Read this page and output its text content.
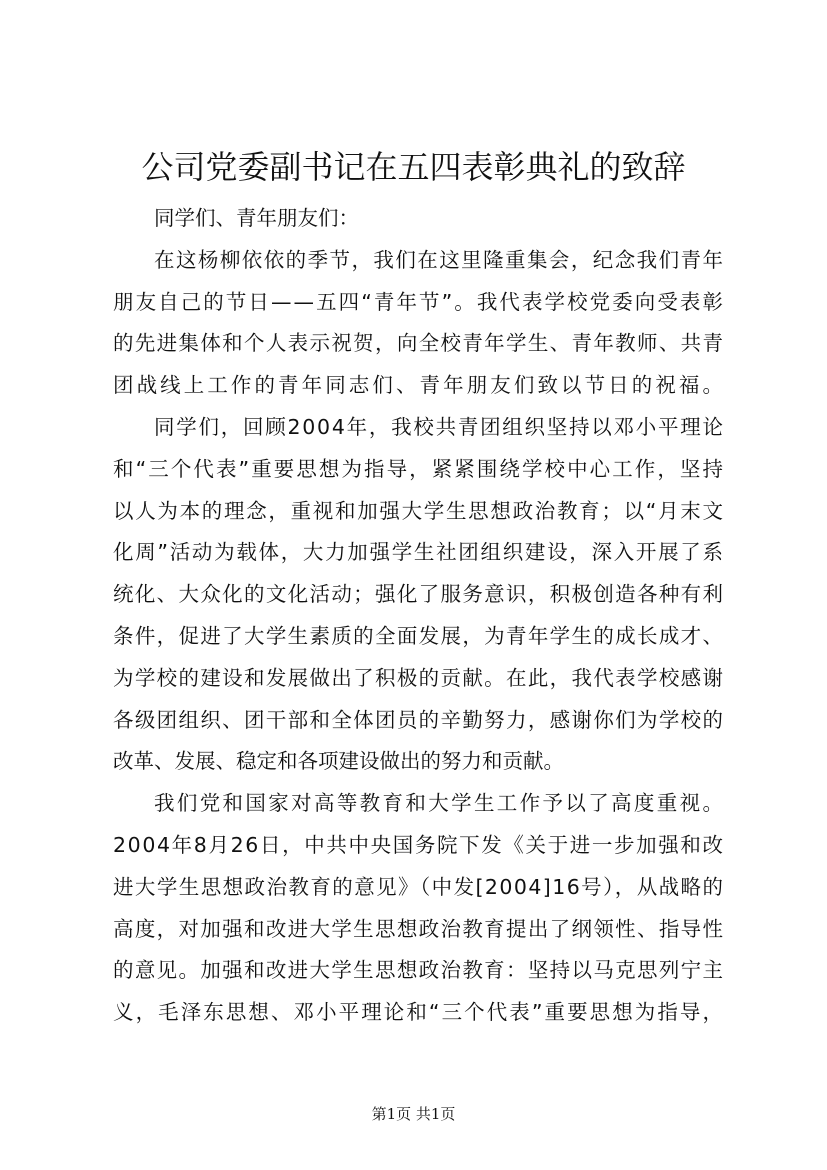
公司党委副书记在五四表彰典礼的致辞
同学们、青年朋友们：
在这杨柳依依的季节，我们在这里隆重集会，纪念我们青年
朋友自己的节日——五四“青年节”。我代表学校党委向受表彰
的先进集体和个人表示祝贺，向全校青年学生、青年教师、共青
团战线上工作的青年同志们、青年朋友们致以节日的祝福。
同学们，回顾2004年，我校共青团组织坚持以邓小平理论
和“三个代表”重要思想为指导，紧紧围绕学校中心工作，坚持
以人为本的理念，重视和加强大学生思想政治教育；以“月末文
化周”活动为载体，大力加强学生社团组织建设，深入开展了系
统化、大众化的文化活动；强化了服务意识，积极创造各种有利
条件，促进了大学生素质的全面发展，为青年学生的成长成才、
为学校的建设和发展做出了积极的贡献。在此，我代表学校感谢
各级团组织、团干部和全体团员的辛勤努力，感谢你们为学校的
改革、发展、稳定和各项建设做出的努力和贡献。
我们党和国家对高等教育和大学生工作予以了高度重视。
2004年8月26日，中共中央国务院下发《关于进一步加强和改
进大学生思想政治教育的意见》（中发[2004]16号），从战略的
高度，对加强和改进大学生思想政治教育提出了纲领性、指导性
的意见。加强和改进大学生思想政治教育：坚持以马克思列宁主
义，毛泽东思想、邓小平理论和“三个代表”重要思想为指导，
第1页 共1页
